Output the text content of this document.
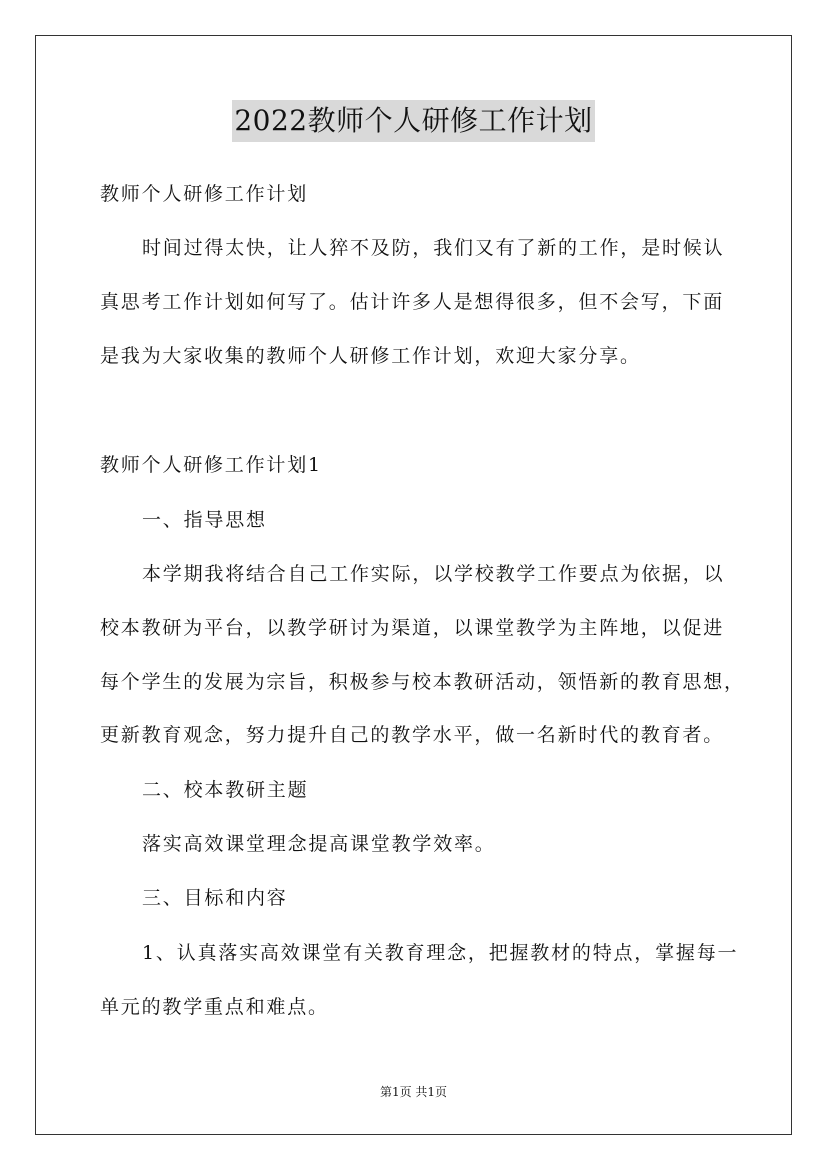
2022教师个人研修工作计划
教师个人研修工作计划
时间过得太快，让人猝不及防，我们又有了新的工作，是时候认
真思考工作计划如何写了。估计许多人是想得很多，但不会写，下面
是我为大家收集的教师个人研修工作计划，欢迎大家分享。
教师个人研修工作计划1
一、指导思想
本学期我将结合自己工作实际，以学校教学工作要点为依据，以
校本教研为平台，以教学研讨为渠道，以课堂教学为主阵地，以促进
每个学生的发展为宗旨，积极参与校本教研活动，领悟新的教育思想，
更新教育观念，努力提升自己的教学水平，做一名新时代的教育者。
二、校本教研主题
落实高效课堂理念提高课堂教学效率。
三、目标和内容
1、认真落实高效课堂有关教育理念，把握教材的特点，掌握每一
单元的教学重点和难点。
第1页 共1页
